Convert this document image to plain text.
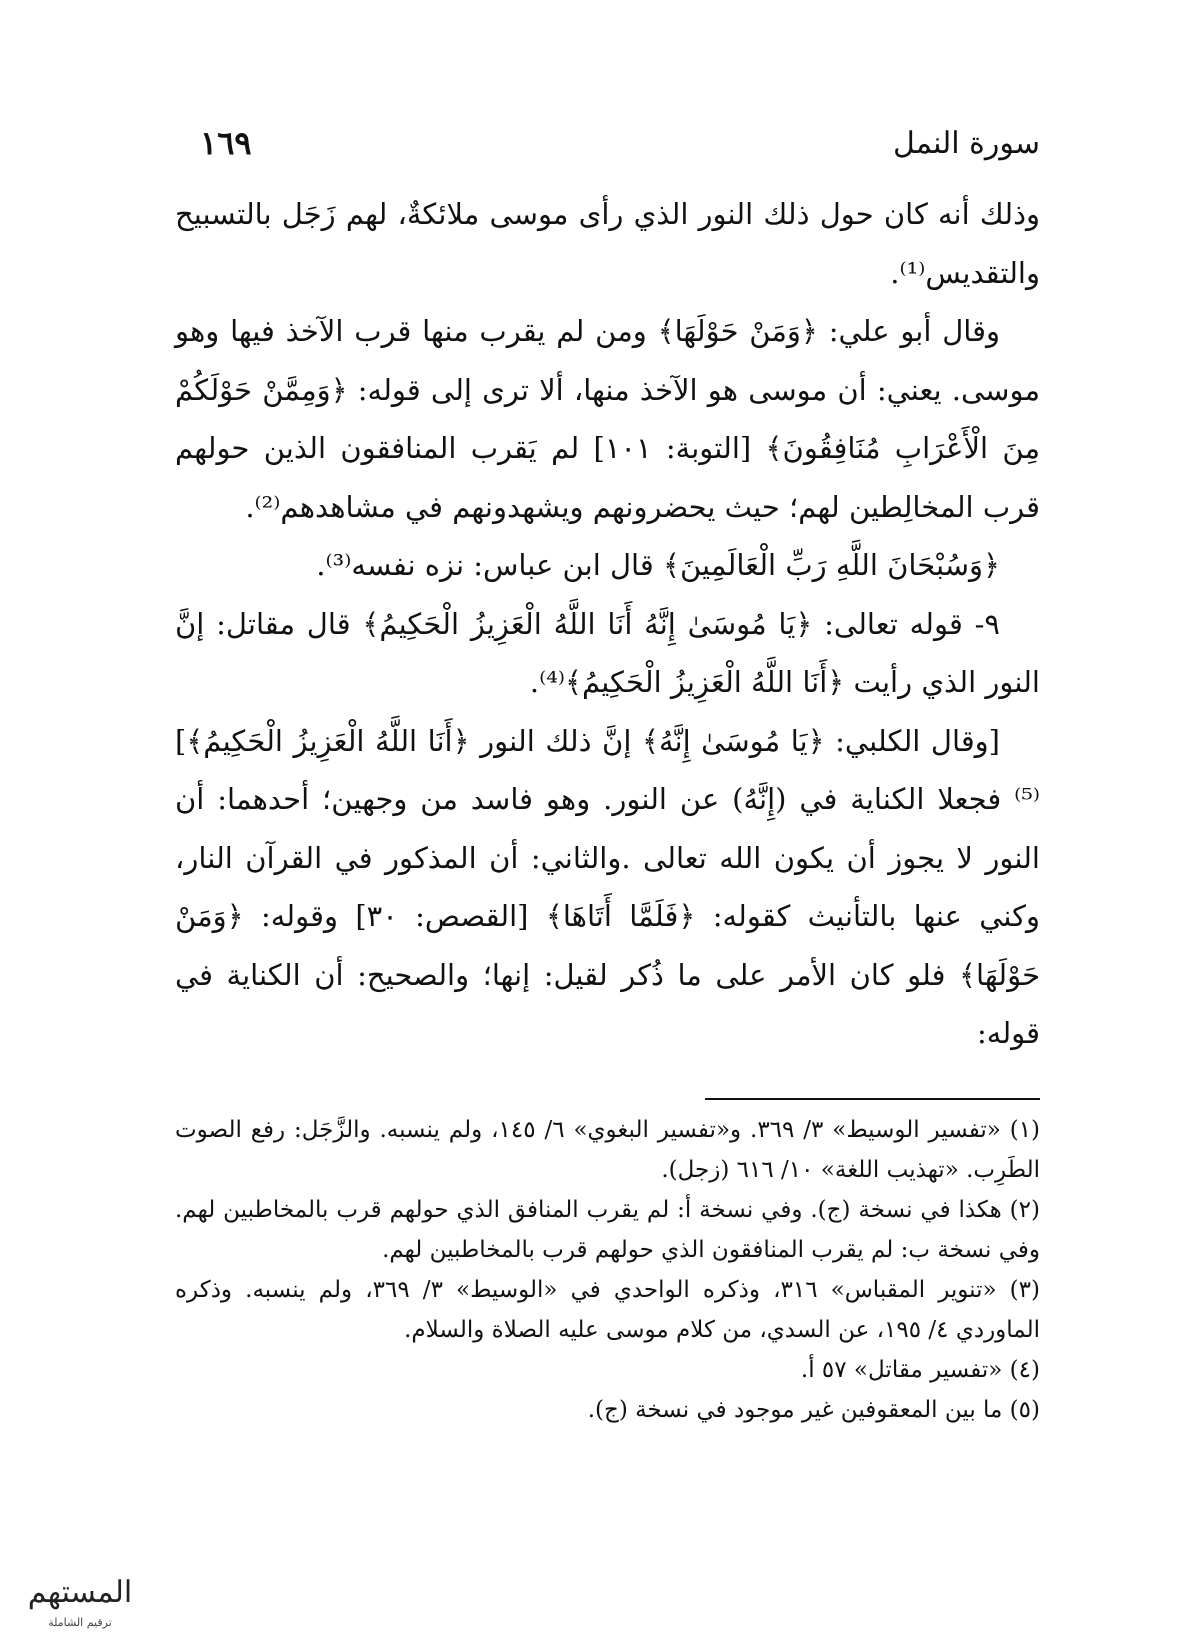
سورة النمل
١٦٩

وذلك أنه كان حول ذلك النور الذي رأى موسى ملائكةٌ، لهم زَجَل بالتسبيح والتقديس⁽¹⁾.

وقال أبو علي: ﴿وَمَنْ حَوْلَهَا﴾ ومن لم يقرب منها قرب الآخذ فيها وهو موسى. يعني: أن موسى هو الآخذ منها، ألا ترى إلى قوله: ﴿وَمِمَّنْ حَوْلَكُمْ مِنَ الْأَعْرَابِ مُنَافِقُونَ﴾ [التوبة: ١٠١] لم يَقرب المنافقون الذين حولهم قرب المخالِطين لهم؛ حيث يحضرونهم ويشهدونهم في مشاهدهم⁽²⁾.

﴿وَسُبْحَانَ اللَّهِ رَبِّ الْعَالَمِينَ﴾ قال ابن عباس: نزه نفسه⁽³⁾.

٩- قوله تعالى: ﴿يَا مُوسَىٰ إِنَّهُ أَنَا اللَّهُ الْعَزِيزُ الْحَكِيمُ﴾ قال مقاتل: إنَّ النور الذي رأيت ﴿أَنَا اللَّهُ الْعَزِيزُ الْحَكِيمُ﴾⁽⁴⁾.

[وقال الكلبي: ﴿يَا مُوسَىٰ إِنَّهُ﴾ إنَّ ذلك النور ﴿أَنَا اللَّهُ الْعَزِيزُ الْحَكِيمُ﴾]⁽⁵⁾ فجعلا الكناية في (إِنَّهُ) عن النور. وهو فاسد من وجهين؛ أحدهما: أن النور لا يجوز أن يكون الله تعالى .والثاني: أن المذكور في القرآن النار، وكني عنها بالتأنيث كقوله: ﴿فَلَمَّا أَتَاهَا﴾ [القصص: ٣٠] وقوله: ﴿وَمَنْ حَوْلَهَا﴾ فلو كان الأمر على ما ذُكر لقيل: إنها؛ والصحيح: أن الكناية في قوله:

(١) «تفسير الوسيط» ٣/ ٣٦٩. و«تفسير البغوي» ٦/ ١٤٥، ولم ينسبه. والزَّجَل: رفع الصوت الطَرِب. «تهذيب اللغة» ١٠/ ٦١٦ (زجل).

(٢) هكذا في نسخة (ج). وفي نسخة أ: لم يقرب المنافق الذي حولهم قرب بالمخاطبين لهم. وفي نسخة ب: لم يقرب المنافقون الذي حولهم قرب بالمخاطبين لهم.

(٣) «تنوير المقباس» ٣١٦، وذكره الواحدي في «الوسيط» ٣/ ٣٦٩، ولم ينسبه. وذكره الماوردي ٤/ ١٩٥، عن السدي، من كلام موسى عليه الصلاة والسلام.

(٤) «تفسير مقاتل» ٥٧ أ.

(٥) ما بين المعقوفين غير موجود في نسخة (ج).

المستهم
ترقيم الشاملة
